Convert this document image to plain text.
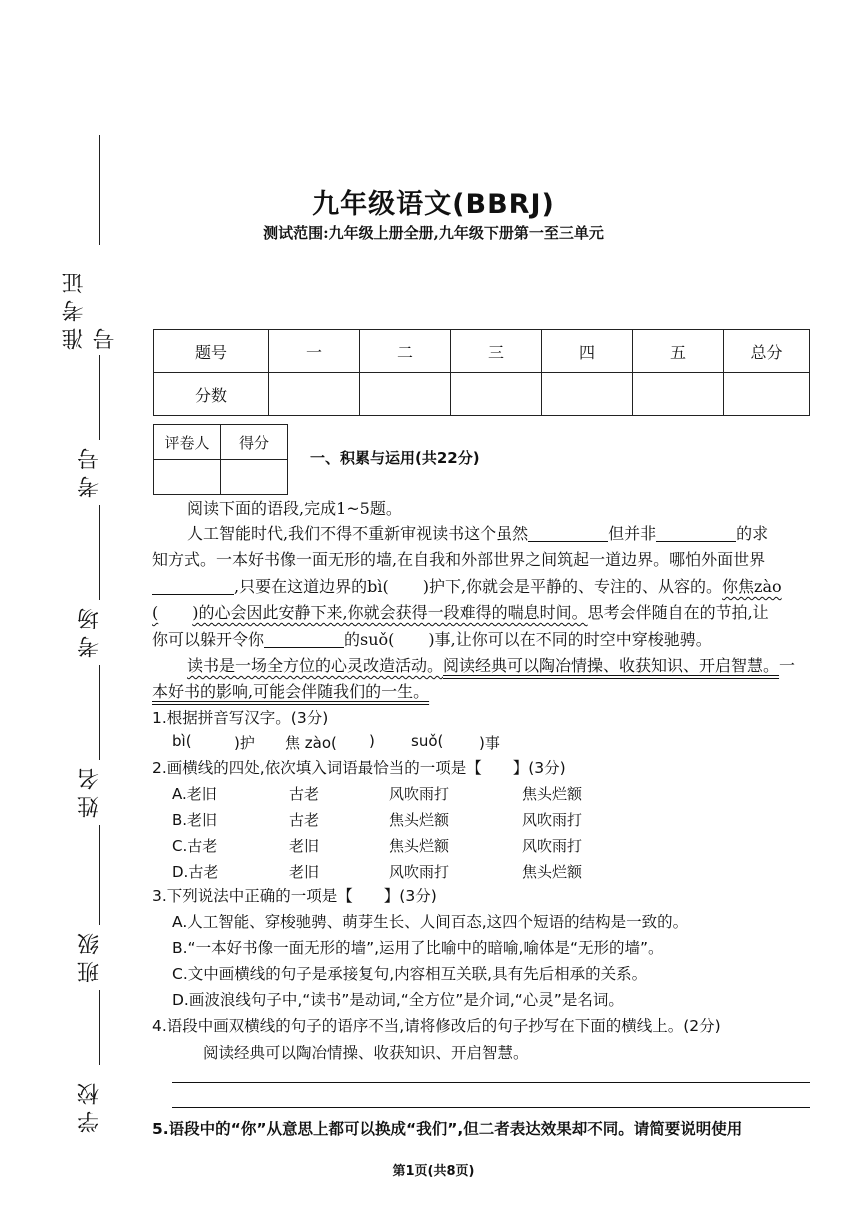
准考证号
考号
考场
姓名
班级
学校
九年级语文(BBRJ)
测试范围:九年级上册全册,九年级下册第一至三单元
题号	一	二	三	四	五	总分
分数						
评卷人	得分

一、积累与运用(共22分)
阅读下面的语段,完成1~5题。
人工智能时代,我们不得不重新审视读书这个虽然	但并非	的求
知方式。一本好书像一面无形的墙,在自我和外部世界之间筑起一道边界。哪怕外面世界
,只要在这道边界的bì( )护下,你就会是平静的、专注的、从容的。你焦zào
( )的心会因此安静下来,你就会获得一段难得的喘息时间。思考会伴随自在的节拍,让
你可以躲开令你	的suǒ( )事,让你可以在不同的时空中穿梭驰骋。
读书是一场全方位的心灵改造活动。阅读经典可以陶冶情操、收获知识、开启智慧。一
本好书的影响,可能会伴随我们的一生。
1.根据拼音写汉字。(3分)
bì(	)护 焦 zào( ) suǒ( )事
2.画横线的四处,依次填入词语最恰当的一项是【　　】(3分)
A.老旧	古老	风吹雨打	焦头烂额
B.老旧	古老	焦头烂额	风吹雨打
C.古老	老旧	焦头烂额	风吹雨打
D.古老	老旧	风吹雨打	焦头烂额
3.下列说法中正确的一项是【　　】(3分)
A.人工智能、穿梭驰骋、萌芽生长、人间百态,这四个短语的结构是一致的。
B.“一本好书像一面无形的墙”,运用了比喻中的暗喻,喻体是“无形的墙”。
C.文中画横线的句子是承接复句,内容相互关联,具有先后相承的关系。
D.画波浪线句子中,“读书”是动词,“全方位”是介词,“心灵”是名词。
4.语段中画双横线的句子的语序不当,请将修改后的句子抄写在下面的横线上。(2分)
阅读经典可以陶冶情操、收获知识、开启智慧。
5.语段中的“你”从意思上都可以换成“我们”,但二者表达效果却不同。请简要说明使用
第1页(共8页)
